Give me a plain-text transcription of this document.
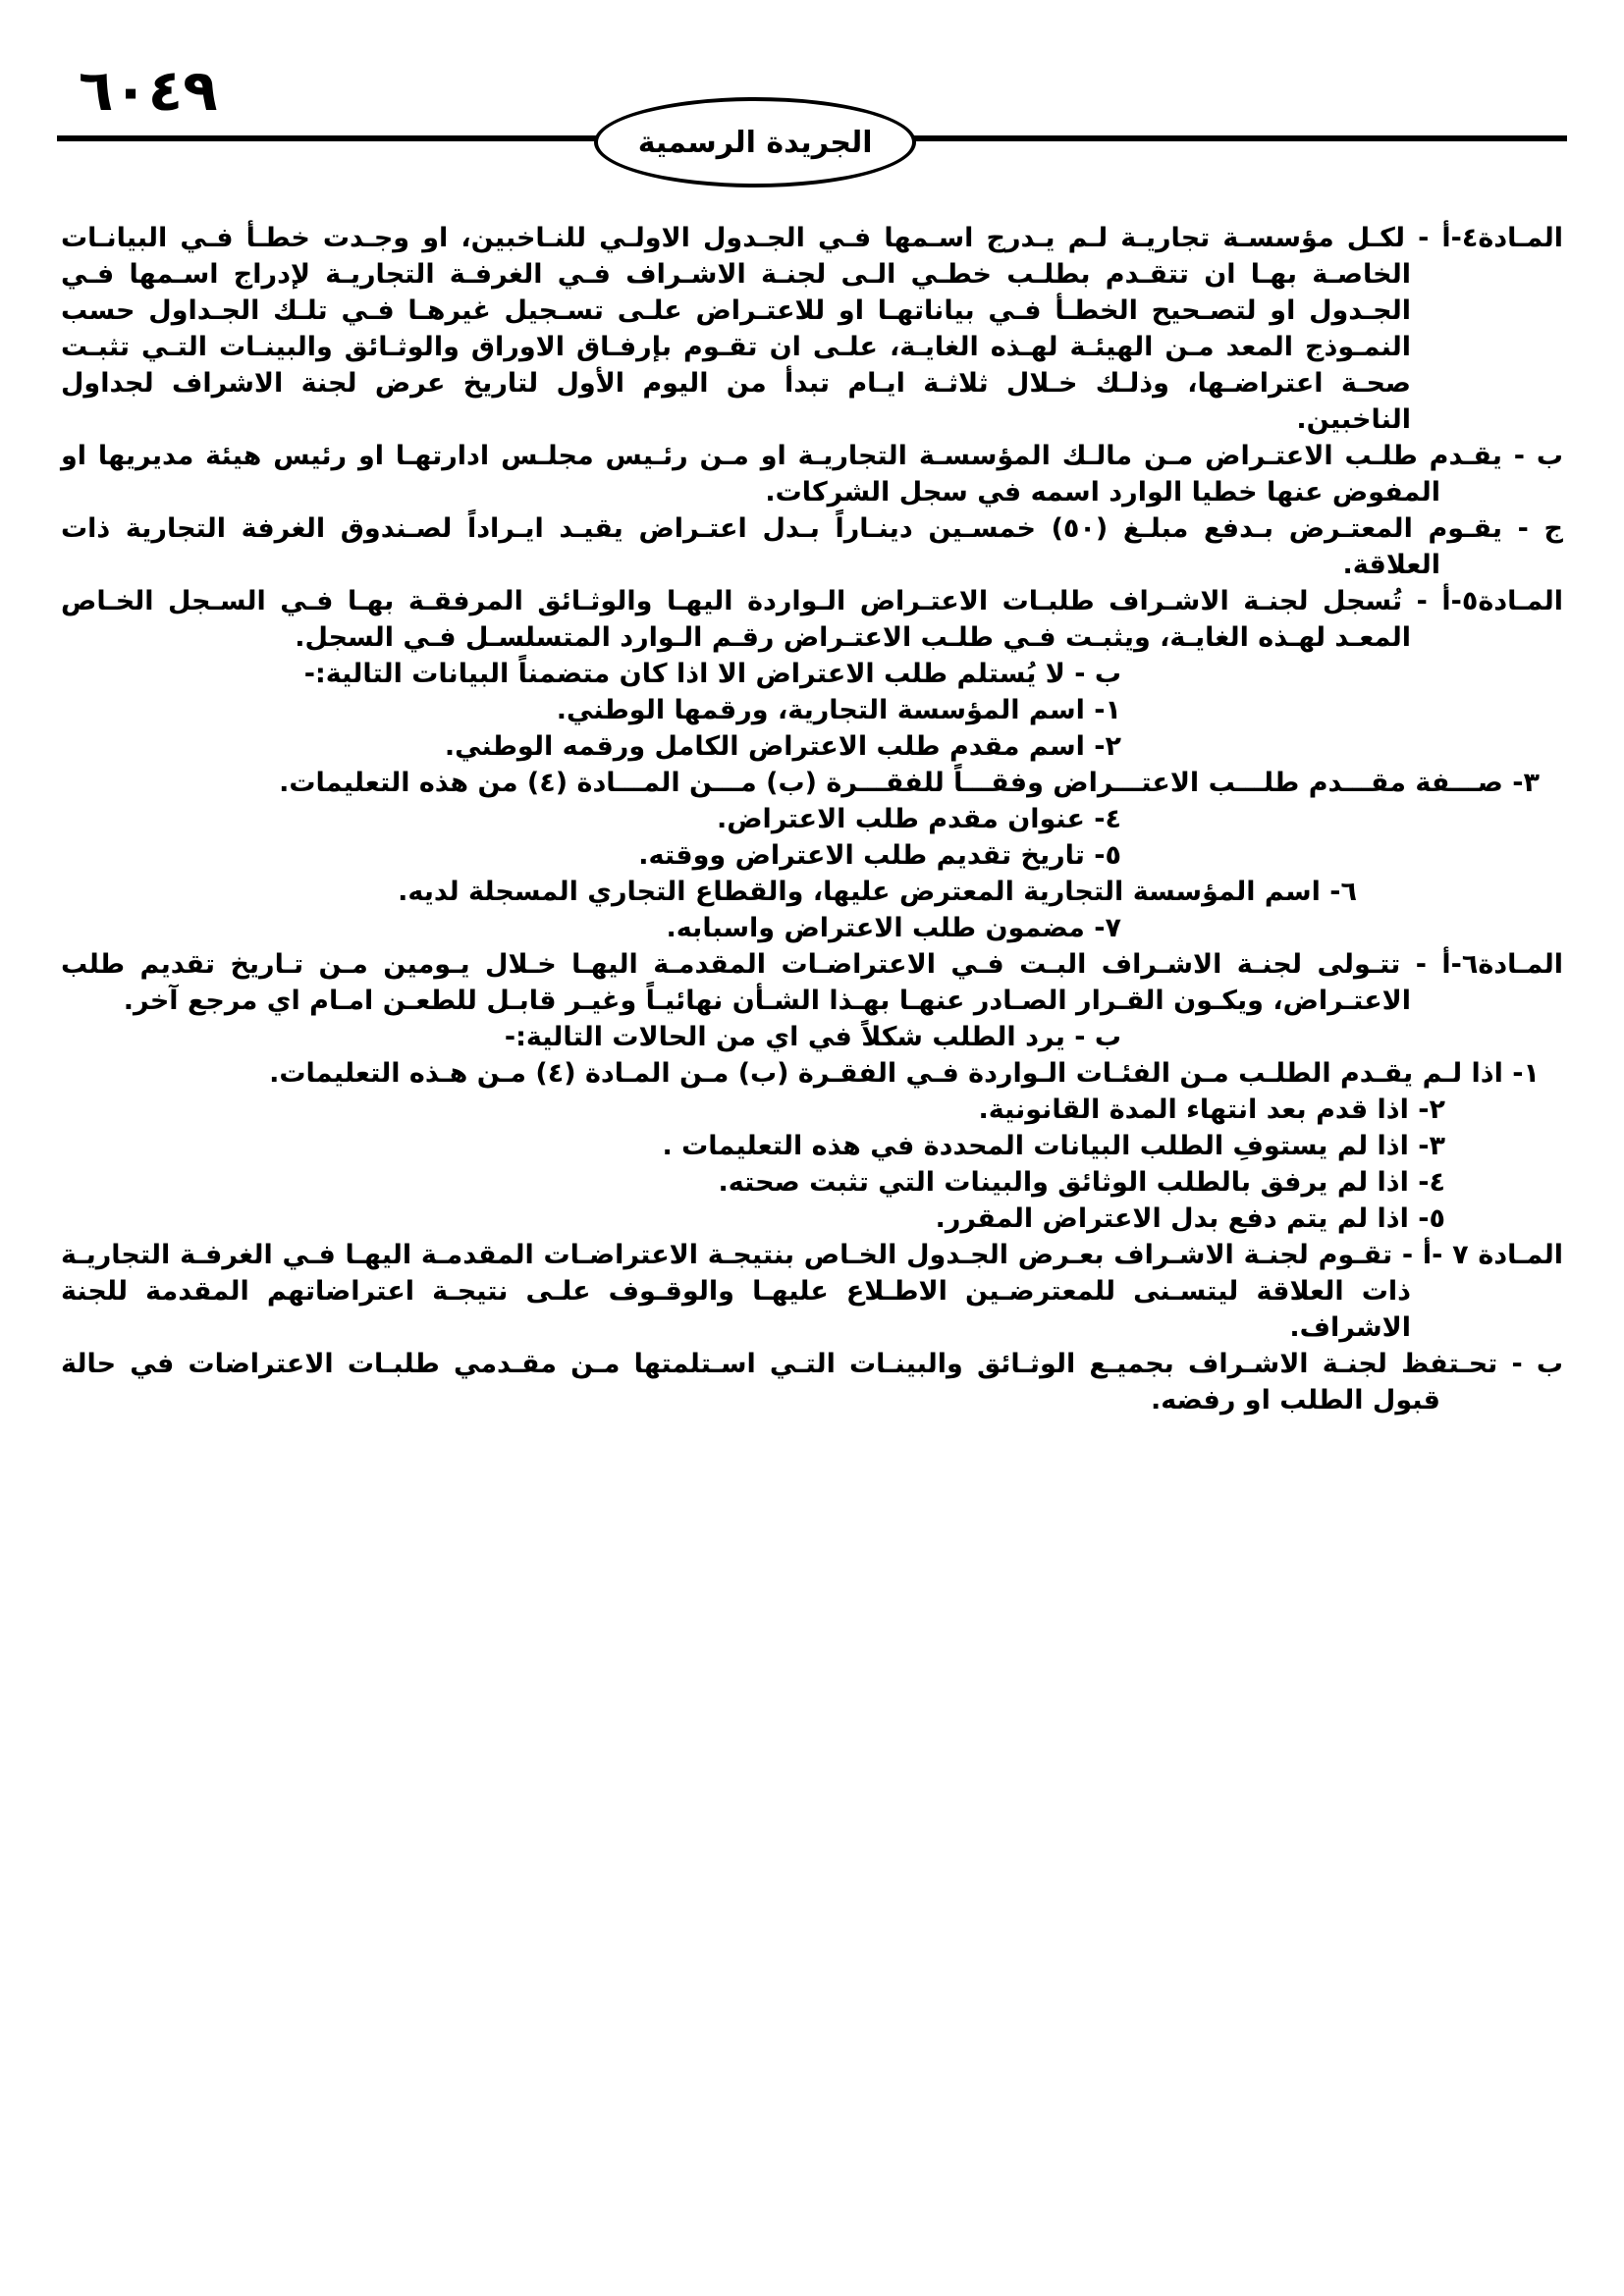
٦٠٤٩
الجريدة الرسمية

المـادة٤-أ - لكـل مؤسسـة تجاريـة لـم يـدرج اسـمها فـي الجـدول الاولـي للنـاخبين، او وجـدت خطـأ فـي البيانـات الخاصـة بهـا ان تتقـدم بطلـب خطـي الـى لجنـة الاشـراف فـي الغرفـة التجاريـة لإدراج اسـمها فـي الجـدول او لتصـحيح الخطـأ فـي بياناتهـا او للاعتـراض علـى تسـجيل غيرهـا فـي تلـك الجـداول حسب النمـوذج المعد مـن الهيئـة لهـذه الغايـة، علـى ان تقـوم بإرفـاق الاوراق والوثـائق والبينـات التـي تثبـت صحـة اعتراضـها، وذلـك خـلال ثلاثـة ايـام تبدأ من اليوم الأول لتاريخ عرض لجنة الاشراف لجداول الناخبين.

ب - يقـدم طلـب الاعتـراض مـن مالـك المؤسسـة التجاريـة او مـن رئـيس مجلـس ادارتهـا او رئيس هيئة مديريها او المفوض عنها خطيا الوارد اسمه في سجل الشركات.

ج - يقـوم المعتـرض بـدفع مبلـغ (٥٠) خمسـين دينـاراً بـدل اعتـراض يقيـد ايـراداً لصـندوق الغرفة التجارية ذات العلاقة.

المـادة٥-أ - تُسجل لجنـة الاشـراف طلبـات الاعتـراض الـواردة اليهـا والوثـائق المرفقـة بهـا فـي السـجل الخـاص المعـد لهـذه الغايـة، ويثبـت فـي طلـب الاعتـراض رقـم الـوارد المتسلسـل فـي السجل.

ب - لا يُستلم طلب الاعتراض الا اذا كان متضمناً البيانات التالية:-

١- اسم المؤسسة التجارية، ورقمها الوطني.

٢- اسم مقدم طلب الاعتراض الكامل ورقمه الوطني.

٣- صـــفة مقـــدم طلـــب الاعتـــراض وفقـــاً للفقـــرة (ب) مـــن المـــادة (٤) من هذه التعليمات.

٤- عنوان مقدم طلب الاعتراض.

٥- تاريخ تقديم طلب الاعتراض ووقته.

٦- اسم المؤسسة التجارية المعترض عليها، والقطاع التجاري المسجلة لديه.

٧- مضمون طلب الاعتراض واسبابه.

المـادة٦-أ - تتـولى لجنـة الاشـراف البـت فـي الاعتراضـات المقدمـة اليهـا خـلال يـومين مـن تـاريخ تقديم طلب الاعتـراض، ويكـون القـرار الصـادر عنهـا بهـذا الشـأن نهائيـاً وغيـر قابـل للطعـن امـام اي مرجع آخر.

ب - يرد الطلب شكلاً في اي من الحالات التالية:-

١- اذا لـم يقـدم الطلـب مـن الفئـات الـواردة فـي الفقـرة (ب) مـن المـادة (٤) مـن هـذه التعليمات.

٢- اذا قدم بعد انتهاء المدة القانونية.

٣- اذا لم يستوفِ الطلب البيانات المحددة في هذه التعليمات .

٤- اذا لم يرفق بالطلب الوثائق والبينات التي تثبت صحته.

٥- اذا لم يتم دفع بدل الاعتراض المقرر.

المـادة ٧ -أ - تقـوم لجنـة الاشـراف بعـرض الجـدول الخـاص بنتيجـة الاعتراضـات المقدمـة اليهـا فـي الغرفـة التجاريـة ذات العلاقة ليتسـنى للمعترضـين الاطـلاع عليهـا والوقـوف علـى نتيجـة اعتراضاتهم المقدمة للجنة الاشراف.

ب - تحـتفظ لجنـة الاشـراف بجميـع الوثـائق والبينـات التـي اسـتلمتها مـن مقـدمي طلبـات الاعتراضات في حالة قبول الطلب او رفضه.
